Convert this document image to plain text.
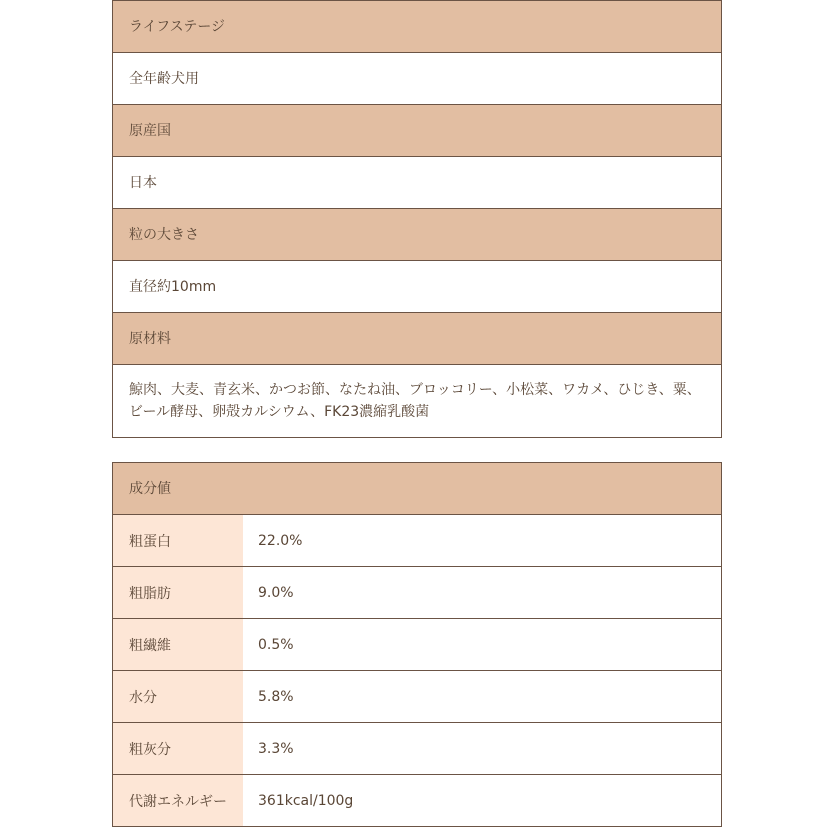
ライフステージ
全年齢犬用
原産国
日本
粒の大きさ
直径約10mm
原材料
鯨肉、大麦、青玄米、かつお節、なたね油、ブロッコリー、小松菜、ワカメ、ひじき、粟、
ビール酵母、卵殻カルシウム、FK23濃縮乳酸菌
成分値
粗蛋白	22.0%
粗脂肪	9.0%
粗繊維	0.5%
水分	5.8%
粗灰分	3.3%
代謝エネルギー	361kcal/100g
